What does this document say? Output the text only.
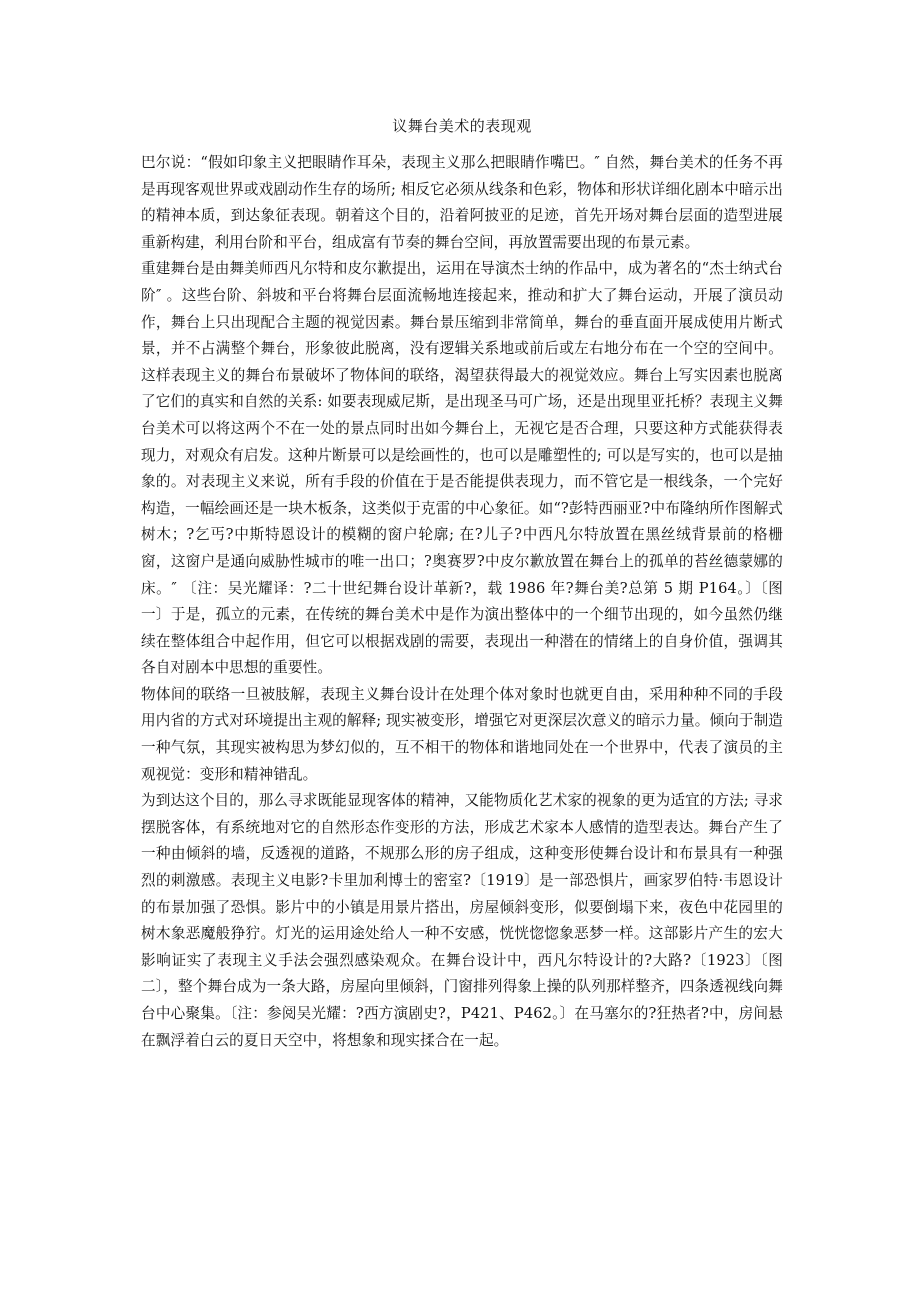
议舞台美术的表现观

巴尔说：“假如印象主义把眼睛作耳朵，表现主义那么把眼睛作嘴巴。″ 自然，舞台美术的任务不再是再现客观世界或戏剧动作生存的场所; 相反它必须从线条和色彩，物体和形状详细化剧本中暗示出的精神本质，到达象征表现。朝着这个目的，沿着阿披亚的足迹，首先开场对舞台层面的造型进展重新构建，利用台阶和平台，组成富有节奏的舞台空间，再放置需要出现的布景元素。

重建舞台是由舞美师西凡尔特和皮尔歉提出，运用在导演杰士纳的作品中，成为著名的“杰士纳式台阶″ 。这些台阶、斜坡和平台将舞台层面流畅地连接起来，推动和扩大了舞台运动，开展了演员动作，舞台上只出现配合主题的视觉因素。舞台景压缩到非常简单，舞台的垂直面开展成使用片断式景，并不占满整个舞台，形象彼此脱离，没有逻辑关系地或前后或左右地分布在一个空的空间中。这样表现主义的舞台布景破坏了物体间的联络，渴望获得最大的视觉效应。舞台上写实因素也脱离了它们的真实和自然的关系: 如要表现威尼斯，是出现圣马可广场，还是出现里亚托桥？表现主义舞台美术可以将这两个不在一处的景点同时出如今舞台上，无视它是否合理，只要这种方式能获得表现力，对观众有启发。这种片断景可以是绘画性的，也可以是雕塑性的; 可以是写实的，也可以是抽象的。对表现主义来说，所有手段的价值在于是否能提供表现力，而不管它是一根线条，一个完好构造，一幅绘画还是一块木板条，这类似于克雷的中心象征。如“?彭特西丽亚?中布隆纳所作图解式树木；?乞丐?中斯特恩设计的模糊的窗户轮廓; 在?儿子?中西凡尔特放置在黑丝绒背景前的格栅窗，这窗户是通向威胁性城市的唯一出口；?奥赛罗?中皮尔歉放置在舞台上的孤单的苔丝德蒙娜的床。″ 〔注：吴光耀译：?二十世纪舞台设计革新?，载 1986 年?舞台美?总第 5 期 P164。〕〔图一〕于是，孤立的元素，在传统的舞台美术中是作为演出整体中的一个细节出现的，如今虽然仍继续在整体组合中起作用，但它可以根据戏剧的需要，表现出一种潜在的情绪上的自身价值，强调其各自对剧本中思想的重要性。

物体间的联络一旦被肢解，表现主义舞台设计在处理个体对象时也就更自由，采用种种不同的手段用内省的方式对环境提出主观的解释; 现实被变形，增强它对更深层次意义的暗示力量。倾向于制造一种气氛，其现实被构思为梦幻似的，互不相干的物体和谐地同处在一个世界中，代表了演员的主观视觉：变形和精神错乱。

为到达这个目的，那么寻求既能显现客体的精神，又能物质化艺术家的视象的更为适宜的方法; 寻求摆脱客体，有系统地对它的自然形态作变形的方法，形成艺术家本人感情的造型表达。舞台产生了一种由倾斜的墙，反透视的道路，不规那么形的房子组成，这种变形使舞台设计和布景具有一种强烈的刺激感。表现主义电影?卡里加利博士的密室?〔1919〕是一部恐惧片，画家罗伯特·韦恩设计的布景加强了恐惧。影片中的小镇是用景片搭出，房屋倾斜变形，似要倒塌下来，夜色中花园里的树木象恶魔般狰狞。灯光的运用途处给人一种不安感，恍恍惚惚象恶梦一样。这部影片产生的宏大影响证实了表现主义手法会强烈感染观众。在舞台设计中，西凡尔特设计的?大路?〔1923〕〔图二〕，整个舞台成为一条大路，房屋向里倾斜，门窗排列得象上操的队列那样整齐，四条透视线向舞台中心聚集。〔注：参阅吴光耀：?西方演剧史?，P421、P462。〕在马塞尔的?狂热者?中，房间悬在飘浮着白云的夏日天空中，将想象和现实揉合在一起。
